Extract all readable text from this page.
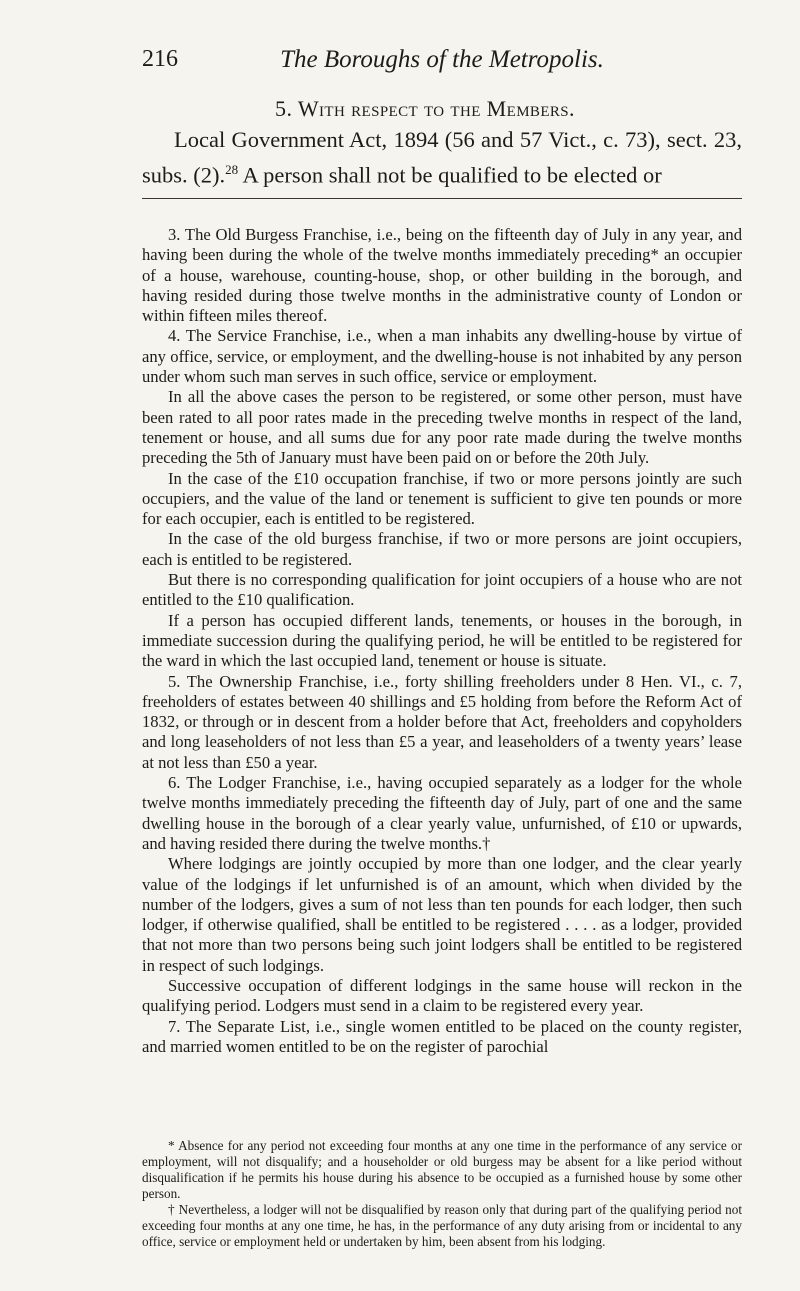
216	The Boroughs of the Metropolis.
5. With respect to the Members.

Local Government Act, 1894 (56 and 57 Vict., c. 73), sect. 23, subs. (2).$^{28}$ A person shall not be qualified to be elected or

3. The Old Burgess Franchise, i.e., being on the fifteenth day of July in any year, and having been during the whole of the twelve months immediately preceding* an occupier of a house, warehouse, counting-house, shop, or other building in the borough, and having resided during those twelve months in the administrative county of London or within fifteen miles thereof.

4. The Service Franchise, i.e., when a man inhabits any dwelling-house by virtue of any office, service, or employment, and the dwelling-house is not inhabited by any person under whom such man serves in such office, service or employment.

In all the above cases the person to be registered, or some other person, must have been rated to all poor rates made in the preceding twelve months in respect of the land, tenement or house, and all sums due for any poor rate made during the twelve months preceding the 5th of January must have been paid on or before the 20th July.

In the case of the £10 occupation franchise, if two or more persons jointly are such occupiers, and the value of the land or tenement is sufficient to give ten pounds or more for each occupier, each is entitled to be registered.

In the case of the old burgess franchise, if two or more persons are joint occupiers, each is entitled to be registered.

But there is no corresponding qualification for joint occupiers of a house who are not entitled to the £10 qualification.

If a person has occupied different lands, tenements, or houses in the borough, in immediate succession during the qualifying period, he will be entitled to be registered for the ward in which the last occupied land, tenement or house is situate.

5. The Ownership Franchise, i.e., forty shilling freeholders under 8 Hen. VI., c. 7, freeholders of estates between 40 shillings and £5 holding from before the Reform Act of 1832, or through or in descent from a holder before that Act, freeholders and copyholders and long leaseholders of not less than £5 a year, and leaseholders of a twenty years’ lease at not less than £50 a year.

6. The Lodger Franchise, i.e., having occupied separately as a lodger for the whole twelve months immediately preceding the fifteenth day of July, part of one and the same dwelling house in the borough of a clear yearly value, unfurnished, of £10 or upwards, and having resided there during the twelve months.†

Where lodgings are jointly occupied by more than one lodger, and the clear yearly value of the lodgings if let unfurnished is of an amount, which when divided by the number of the lodgers, gives a sum of not less than ten pounds for each lodger, then such lodger, if otherwise qualified, shall be entitled to be registered . . . . as a lodger, provided that not more than two persons being such joint lodgers shall be entitled to be registered in respect of such lodgings.

Successive occupation of different lodgings in the same house will reckon in the qualifying period. Lodgers must send in a claim to be registered every year.

7. The Separate List, i.e., single women entitled to be placed on the county register, and married women entitled to be on the register of parochial

* Absence for any period not exceeding four months at any one time in the performance of any service or employment, will not disqualify; and a householder or old burgess may be absent for a like period without disqualification if he permits his house during his absence to be occupied as a furnished house by some other person.

† Nevertheless, a lodger will not be disqualified by reason only that during part of the qualifying period not exceeding four months at any one time, he has, in the performance of any duty arising from or incidental to any office, service or employment held or undertaken by him, been absent from his lodging.
